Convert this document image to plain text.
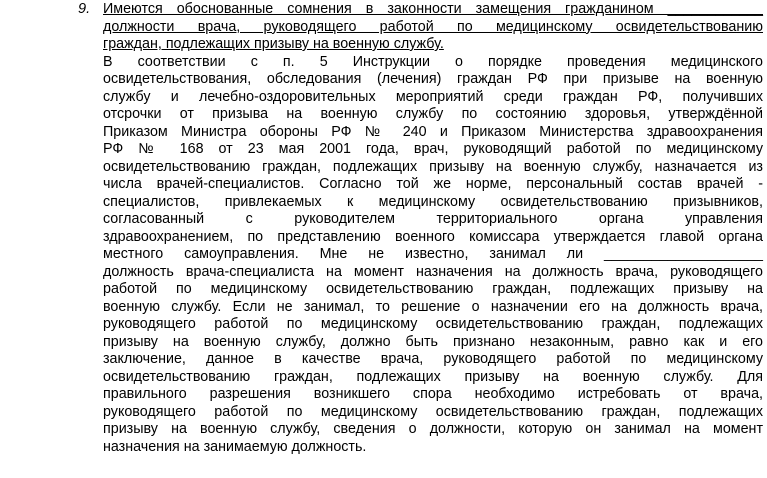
9. Имеются обоснованные сомнения в законности замещения гражданином ____________
должности врача, руководящего работой по медицинскому освидетельствованию
граждан, подлежащих призыву на военную службу.
В соответствии с п. 5 Инструкции о порядке проведения медицинского
освидетельствования, обследования (лечения) граждан РФ при призыве на военную
службу и лечебно-оздоровительных мероприятий среди граждан РФ, получивших
отсрочки от призыва на военную службу по состоянию здоровья, утверждённой
Приказом Министра обороны РФ № 240 и Приказом Министерства здравоохранения
РФ № 168 от 23 мая 2001 года, врач, руководящий работой по медицинскому
освидетельствованию граждан, подлежащих призыву на военную службу, назначается из
числа врачей-специалистов. Согласно той же норме, персональный состав врачей -
специалистов, привлекаемых к медицинскому освидетельствованию призывников,
согласованный с руководителем территориального органа управления
здравоохранением, по представлению военного комиссара утверждается главой органа
местного самоуправления. Мне не известно, занимал ли ____________________
должность врача-специалиста на момент назначения на должность врача, руководящего
работой по медицинскому освидетельствованию граждан, подлежащих призыву на
военную службу. Если не занимал, то решение о назначении его на должность врача,
руководящего работой по медицинскому освидетельствованию граждан, подлежащих
призыву на военную службу, должно быть признано незаконным, равно как и его
заключение, данное в качестве врача, руководящего работой по медицинскому
освидетельствованию граждан, подлежащих призыву на военную службу. Для
правильного разрешения возникшего спора необходимо истребовать от врача,
руководящего работой по медицинскому освидетельствованию граждан, подлежащих
призыву на военную службу, сведения о должности, которую он занимал на момент
назначения на занимаемую должность.
